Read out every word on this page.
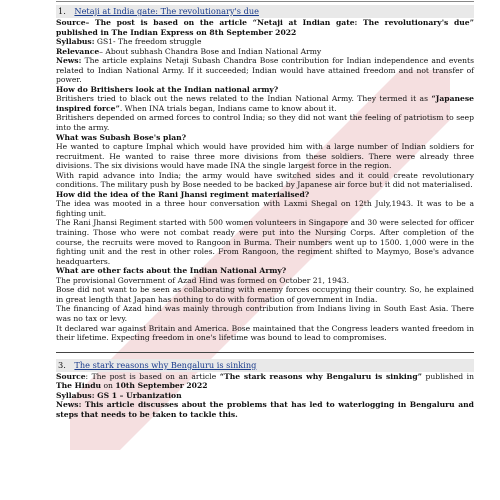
1. Netaji at India gate: The revolutionary's due

Source– The post is based on the article “Netaji at Indian gate: The revolutionary's due” published in The Indian Express on 8th September 2022

Syllabus: GS1- The freedom struggle

Relevance– About subhash Chandra Bose and Indian National Army

News: The article explains Netaji Subash Chandra Bose contribution for Indian independence and events related to Indian National Army. If it succeeded; Indian would have attained freedom and not transfer of power.

How do Britishers look at the Indian national army?

Britishers tried to black out the news related to the Indian National Army. They termed it as “Japanese inspired force”. When INA trials began, Indians came to know about it.

Britishers depended on armed forces to control India; so they did not want the feeling of patriotism to seep into the army.

What was Subash Bose's plan?

He wanted to capture Imphal which would have provided him with a large number of Indian soldiers for recruitment. He wanted to raise three more divisions from these soldiers. There were already three divisions. The six divisions would have made INA the single largest force in the region.

With rapid advance into India; the army would have switched sides and it could create revolutionary conditions. The military push by Bose needed to be backed by Japanese air force but it did not materialised.

How did the idea of the Rani Jhansi regiment materialised?

The idea was mooted in a three hour conversation with Laxmi Shegal on 12th July,1943. It was to be a fighting unit.

The Rani Jhansi Regiment started with 500 women volunteers in Singapore and 30 were selected for officer training. Those who were not combat ready were put into the Nursing Corps. After completion of the course, the recruits were moved to Rangoon in Burma. Their numbers went up to 1500. 1,000 were in the fighting unit and the rest in other roles. From Rangoon, the regiment shifted to Maymyo, Bose's advance headquarters.

What are other facts about the Indian National Army?

The provisional Government of Azad Hind was formed on October 21, 1943.

Bose did not want to be seen as collaborating with enemy forces occupying their country. So, he explained in great length that Japan has nothing to do with formation of government in India.

The financing of Azad hind was mainly through contribution from Indians living in South East Asia. There was no tax or levy.

It declared war against Britain and America. Bose maintained that the Congress leaders wanted freedom in their lifetime. Expecting freedom in one's lifetime was bound to lead to compromises.

3. The stark reasons why Bengaluru is sinking

Source: The post is based on an article “The stark reasons why Bengaluru is sinking” published in The Hindu on 10th September 2022

Syllabus: GS 1 – Urbanization

News: This article discusses about the problems that has led to waterlogging in Bengaluru and steps that needs to be taken to tackle this.
